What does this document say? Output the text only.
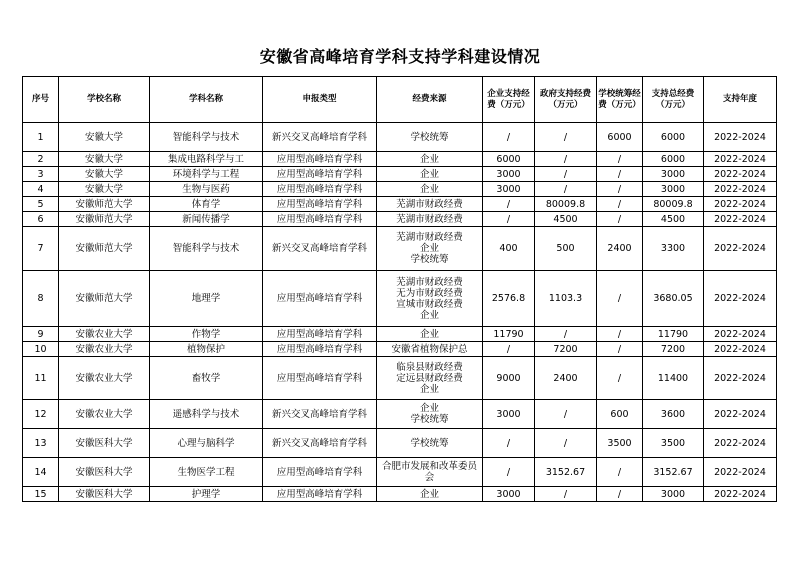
安徽省高峰培育学科支持学科建设情况
序号	学校名称	学科名称	申报类型	经费来源	企业支持经费（万元）	政府支持经费（万元）	学校统筹经费（万元）	支持总经费（万元）	支持年度
1	安徽大学	智能科学与技术	新兴交叉高峰培育学科	学校统筹	/	/	6000	6000	2022-2024
2	安徽大学	集成电路科学与工	应用型高峰培育学科	企业	6000	/	/	6000	2022-2024
3	安徽大学	环境科学与工程	应用型高峰培育学科	企业	3000	/	/	3000	2022-2024
4	安徽大学	生物与医药	应用型高峰培育学科	企业	3000	/	/	3000	2022-2024
5	安徽师范大学	体育学	应用型高峰培育学科	芜湖市财政经费	/	80009.8	/	80009.8	2022-2024
6	安徽师范大学	新闻传播学	应用型高峰培育学科	芜湖市财政经费	/	4500	/	4500	2022-2024
7	安徽师范大学	智能科学与技术	新兴交叉高峰培育学科	芜湖市财政经费
企业
学校统筹	400	500	2400	3300	2022-2024
8	安徽师范大学	地理学	应用型高峰培育学科	芜湖市财政经费
无为市财政经费
宣城市财政经费
企业	2576.8	1103.3	/	3680.05	2022-2024
9	安徽农业大学	作物学	应用型高峰培育学科	企业	11790	/	/	11790	2022-2024
10	安徽农业大学	植物保护	应用型高峰培育学科	安徽省植物保护总	/	7200	/	7200	2022-2024
11	安徽农业大学	畜牧学	应用型高峰培育学科	临泉县财政经费
定远县财政经费
企业	9000	2400	/	11400	2022-2024
12	安徽农业大学	遥感科学与技术	新兴交叉高峰培育学科	企业
学校统筹	3000	/	600	3600	2022-2024
13	安徽医科大学	心理与脑科学	新兴交叉高峰培育学科	学校统筹	/	/	3500	3500	2022-2024
14	安徽医科大学	生物医学工程	应用型高峰培育学科	合肥市发展和改革委员会	/	3152.67	/	3152.67	2022-2024
15	安徽医科大学	护理学	应用型高峰培育学科	企业	3000	/	/	3000	2022-2024
